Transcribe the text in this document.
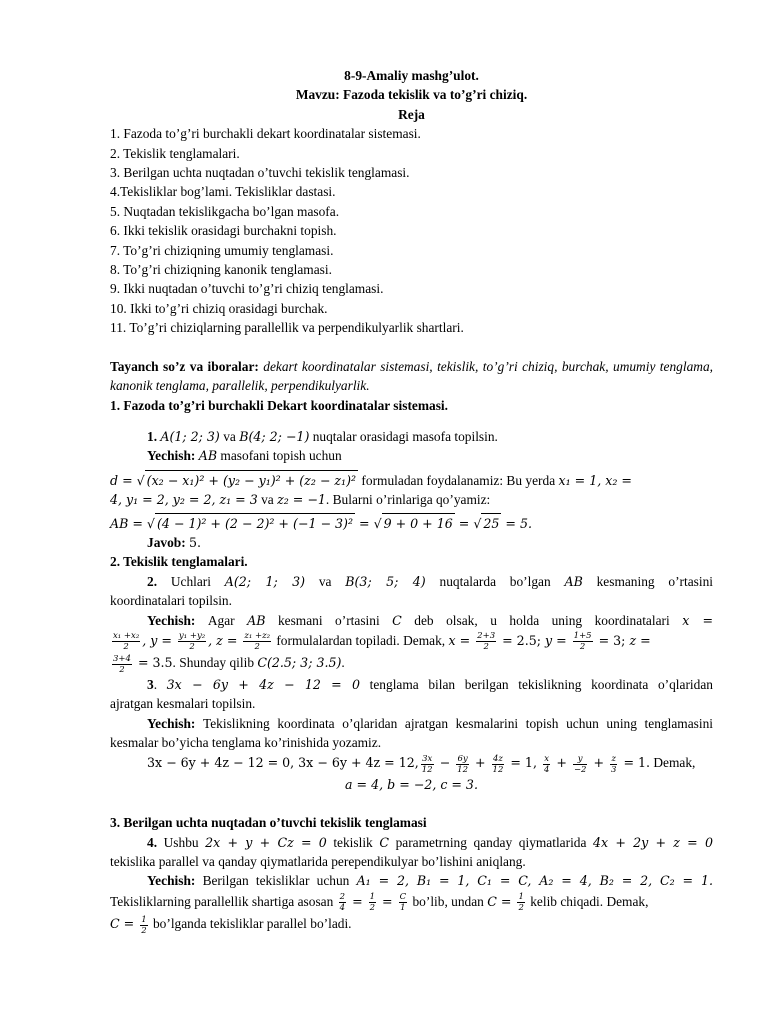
8-9-Amaliy mashg’ulot.
Mavzu: Fazoda tekislik va to’g’ri chiziq.
Reja
1. Fazoda to’g’ri burchakli dekart koordinatalar sistemasi.
2. Tekislik tenglamalari.
3. Berilgan uchta nuqtadan o’tuvchi tekislik tenglamasi.
4.Tekisliklar bog’lami. Tekisliklar dastasi.
5. Nuqtadan tekislikgacha bo’lgan masofa.
6. Ikki tekislik orasidagi burchakni topish.
7. To’g’ri chiziqning umumiy tenglamasi.
8. To’g’ri chiziqning kanonik tenglamasi.
9. Ikki nuqtadan o’tuvchi to’g’ri chiziq tenglamasi.
10. Ikki to’g’ri chiziq orasidagi burchak.
11. To’g’ri chiziqlarning parallellik va perpendikulyarlik shartlari.
Tayanch so’z va iboralar: dekart koordinatalar sistemasi, tekislik, to’g’ri chiziq, burchak, umumiy tenglama, kanonik tenglama, parallelik, perpendikulyarlik.
1. Fazoda to’g’ri burchakli Dekart koordinatalar sistemasi.
1. A(1; 2; 3) va B(4; 2; −1) nuqtalar orasidagi masofa topilsin.
Yechish: AB masofani topish uchun
d = √ (x₂ − x₁)² + (y₂ − y₁)² + (z₂ − z₁)² formuladan foydalanamiz: Bu yerda x₁ = 1, x₂ =
4, y₁ = 2, y₂ = 2, z₁ = 3 va z₂ = −1. Bularni o’rinlariga qo’yamiz:
AB = √ (4 − 1)² + (2 − 2)² + (−1 − 3)² = √ 9 + 0 + 16 = √ 25 = 5.
Javob: 5.
2. Tekislik tenglamalari.
2. Uchlari A(2; 1; 3) va B(3; 5; 4) nuqtalarda bo’lgan AB kesmaning o’rtasini
koordinatalari topilsin.
Yechish: Agar AB kesmani o’rtasini C deb olsak, u holda uning koordinatalari x =
$\frac{\text{x₁ +x₂}}{2}$ , $y = \frac{\text{y₁ +y₂}}{2}$ , $z = \frac{\text{z₁ +z₂}}{2}$ formulalardan topiladi. Demak, $x = \frac{2+3}{2} = 2.5$; $y = \frac{1+5}{2} = 3$; z =
$\frac{3+4}{2} = 3.5$. Shunday qilib C(2.5; 3; 3.5).
3. 3x − 6y + 4z − 12 = 0 tenglama bilan berilgan tekislikning koordinata o’qlaridan
ajratgan kesmalari topilsin.
Yechish: Tekislikning koordinata o’qlaridan ajratgan kesmalarini topish uchun uning tenglamasini kesmalar bo’yicha tenglama ko’rinishida yozamiz.
3x − 6y + 4z − 12 = 0, 3x − 6y + 4z = 12, $\frac{3x}{12} - \frac{6y}{12} + \frac{4z}{12} = 1$, $\frac{x}{4} + \frac{y}{-2} + \frac{z}{3} = 1$. Demak,
a = 4, b = −2, c = 3.
3. Berilgan uchta nuqtadan o’tuvchi tekislik tenglamasi
4. Ushbu 2x + y + Cz = 0 tekislik C parametrning qanday qiymatlarida 4x + 2y + z = 0
tekislika parallel va qanday qiymatlarida perependikulyar bo’lishini aniqlang.
Yechish: Berilgan tekisliklar uchun A₁ = 2, B₁ = 1, C₁ = C, A₂ = 4, B₂ = 2, C₂ = 1.
Tekisliklarning parallellik shartiga asosan $\frac{2}{4} = \frac{1}{2} = \frac{C}{1}$ bo’lib, undan $C = \frac{1}{2}$ kelib chiqadi. Demak,
$C = \frac{1}{2}$ bo’lganda tekisliklar parallel bo’ladi.
